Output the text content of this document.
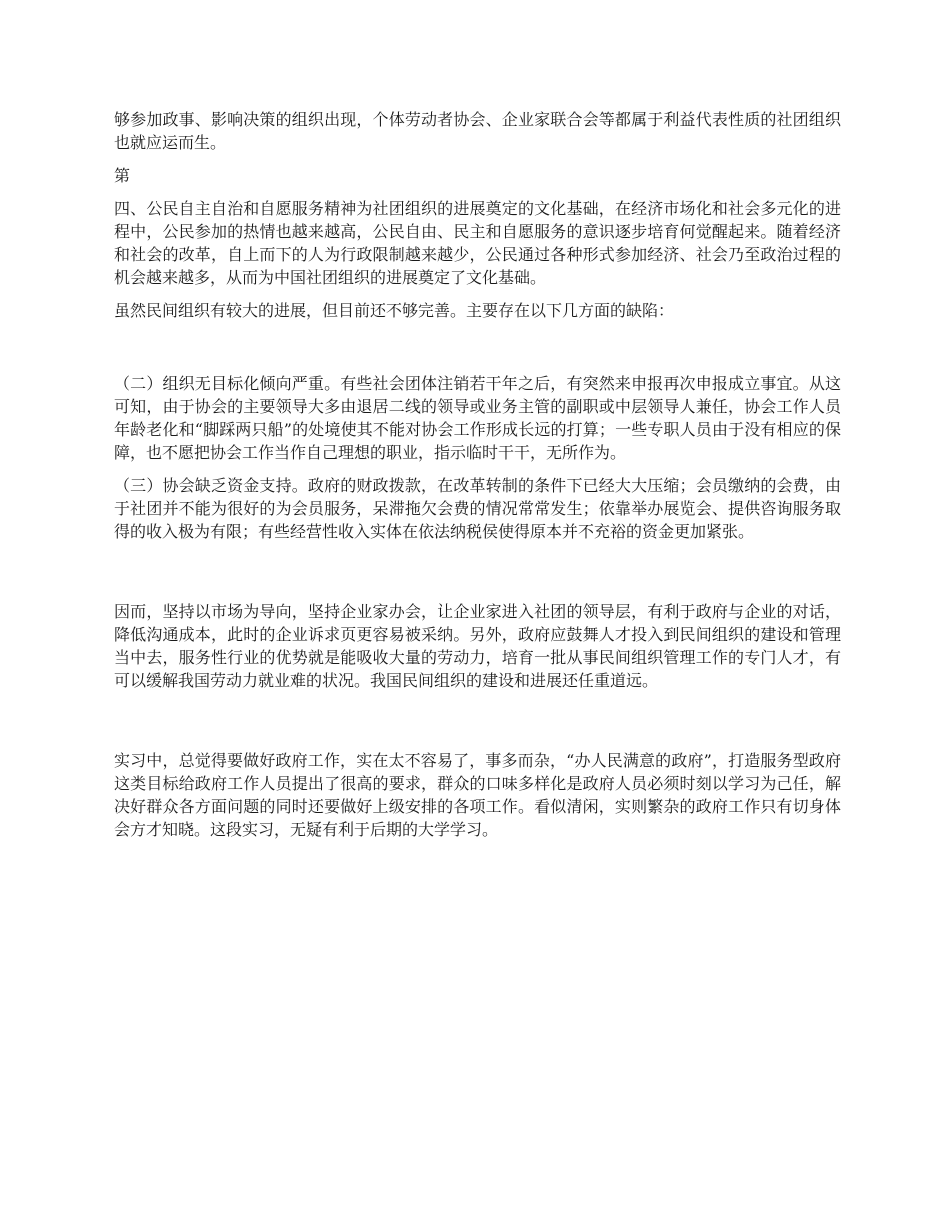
够参加政事、影响决策的组织出现，个体劳动者协会、企业家联合会等都属于利益代表性质的社团组织也就应运而生。

第

四、公民自主自治和自愿服务精神为社团组织的进展奠定的文化基础，在经济市场化和社会多元化的进程中，公民参加的热情也越来越高，公民自由、民主和自愿服务的意识逐步培育何觉醒起来。随着经济和社会的改革，自上而下的人为行政限制越来越少，公民通过各种形式参加经济、社会乃至政治过程的机会越来越多，从而为中国社团组织的进展奠定了文化基础。

虽然民间组织有较大的进展，但目前还不够完善。主要存在以下几方面的缺陷：

（二）组织无目标化倾向严重。有些社会团体注销若干年之后，有突然来申报再次申报成立事宜。从这可知，由于协会的主要领导大多由退居二线的领导或业务主管的副职或中层领导人兼任，协会工作人员年龄老化和“脚踩两只船”的处境使其不能对协会工作形成长远的打算；一些专职人员由于没有相应的保障，也不愿把协会工作当作自己理想的职业，指示临时干干，无所作为。

（三）协会缺乏资金支持。政府的财政拨款，在改革转制的条件下已经大大压缩；会员缴纳的会费，由于社团并不能为很好的为会员服务，呆滞拖欠会费的情况常常发生；依靠举办展览会、提供咨询服务取得的收入极为有限；有些经营性收入实体在依法纳税侯使得原本并不充裕的资金更加紧张。

因而，坚持以市场为导向，坚持企业家办会，让企业家进入社团的领导层，有利于政府与企业的对话，降低沟通成本，此时的企业诉求页更容易被采纳。另外，政府应鼓舞人才投入到民间组织的建设和管理当中去，服务性行业的优势就是能吸收大量的劳动力，培育一批从事民间组织管理工作的专门人才，有可以缓解我国劳动力就业难的状况。我国民间组织的建设和进展还任重道远。

实习中，总觉得要做好政府工作，实在太不容易了，事多而杂，“办人民满意的政府”，打造服务型政府这类目标给政府工作人员提出了很高的要求，群众的口味多样化是政府人员必须时刻以学习为己任，解决好群众各方面问题的同时还要做好上级安排的各项工作。看似清闲，实则繁杂的政府工作只有切身体会方才知晓。这段实习，无疑有利于后期的大学学习。
